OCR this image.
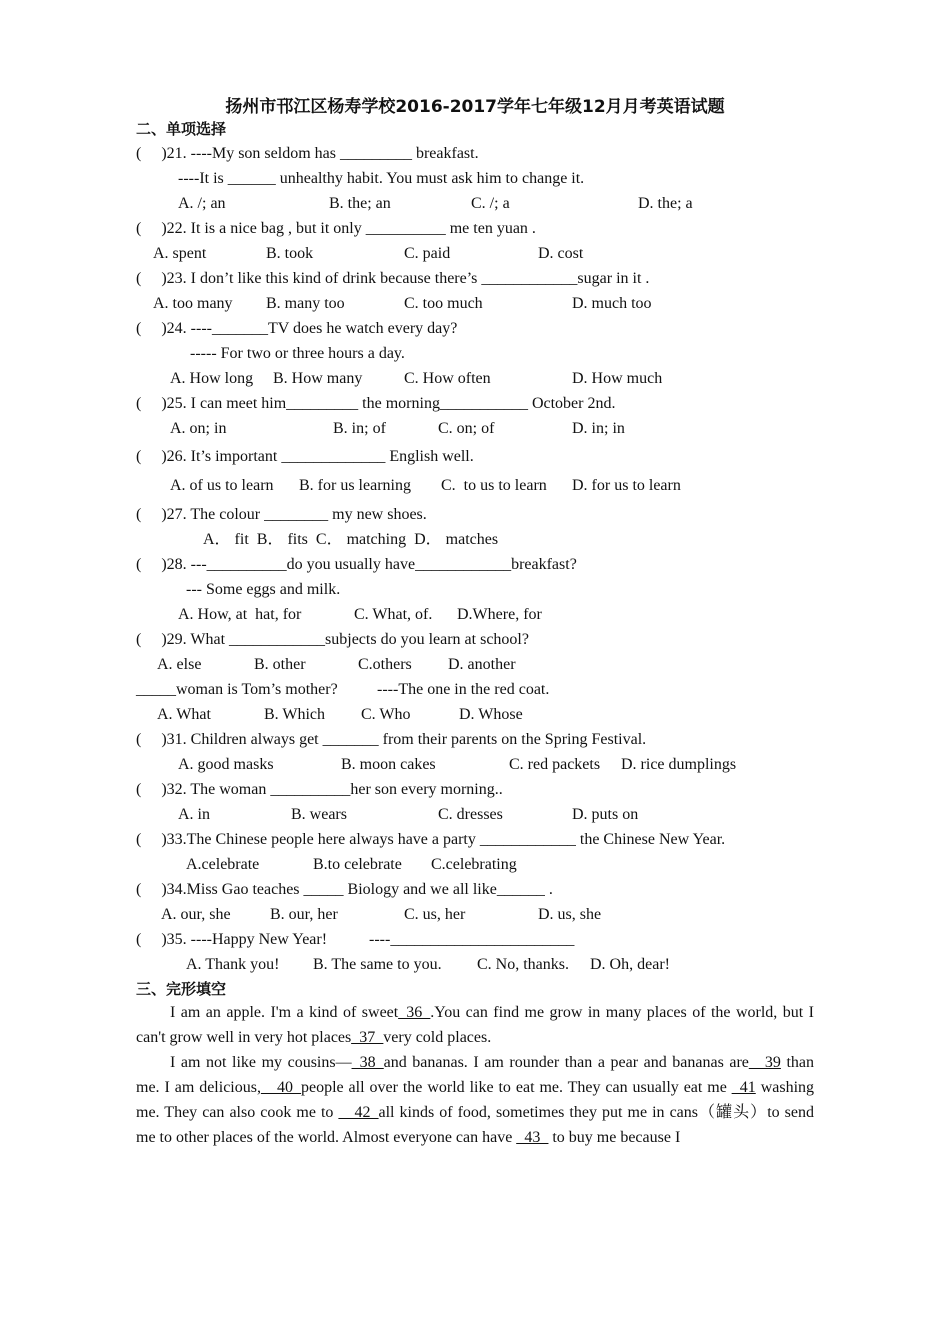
扬州市邗江区杨寿学校2016-2017学年七年级12月月考英语试题
二、单项选择
(　 )21. ----My son seldom has _________ breakfast.
----It is ______ unhealthy habit. You must ask him to change it.
A. /; an	B. the; an	C. /; a	D. the; a
(　 )22. It is a nice bag , but it only __________ me ten yuan .
A. spent	B. took	C. paid	D. cost
(　 )23. I don’t like this kind of drink because there’s ____________sugar in it .
A. too many B. many too	C. too much	D. much too
(　 )24. ----_______TV does he watch every day?
----- For two or three hours a day.
A. How long B. How many	C. How often	D. How much
(　 )25. I can meet him_________ the morning___________ October 2nd.
A. on; in	B. in; of	C. on; of	D. in; in
(　 )26. It’s important _____________ English well.
A. of us to learn B. for us learning C.  to us to learn D. for us to learn
(　 )27. The colour ________ my new shoes.
A． fit  B． fits  C． matching  D． matches
(　 )28. ---__________do you usually have____________breakfast?
--- Some eggs and milk.
A. How, at  hat, for	C. What, of. D.Where, for
(　 )29. What ____________subjects do you learn at school?
A. else	B. other	C.others D. another
_____woman is Tom’s mother? ----The one in the red coat.
A. What	B. Which C. Who	D. Whose
(　 )31. Children always get _______ from their parents on the Spring Festival.
A. good masks	B. moon cakes	C. red packets D. rice dumplings
(　 )32. The woman __________her son every morning..
A. in	B. wears	C. dresses	D. puts on
(　 )33.The Chinese people here always have a party ____________ the Chinese New Year.
A.celebrate	B.to celebrate C.celebrating
(　 )34.Miss Gao teaches _____ Biology and we all like______ .
A. our, she B. our, her	C. us, her	D. us, she
(　 )35. ----Happy New Year!	----_______________________
A. Thank you! B. The same to you. C. No, thanks. D. Oh, dear!
三、完形填空
I am an apple. I'm a kind of sweet_36_.You can find me grow in many places of the world, but I can't grow well in very hot places_37_very cold places.
I am not like my cousins—_38_and bananas. I am rounder than a pear and bananas are__39 than me. I am delicious,__40_people all over the world like to eat me. They can usually eat me _41 washing me. They can also cook me to __42_all kinds of food, sometimes they put me in cans（罐头）to send me to other places of the world. Almost everyone can have _43_ to buy me because I
